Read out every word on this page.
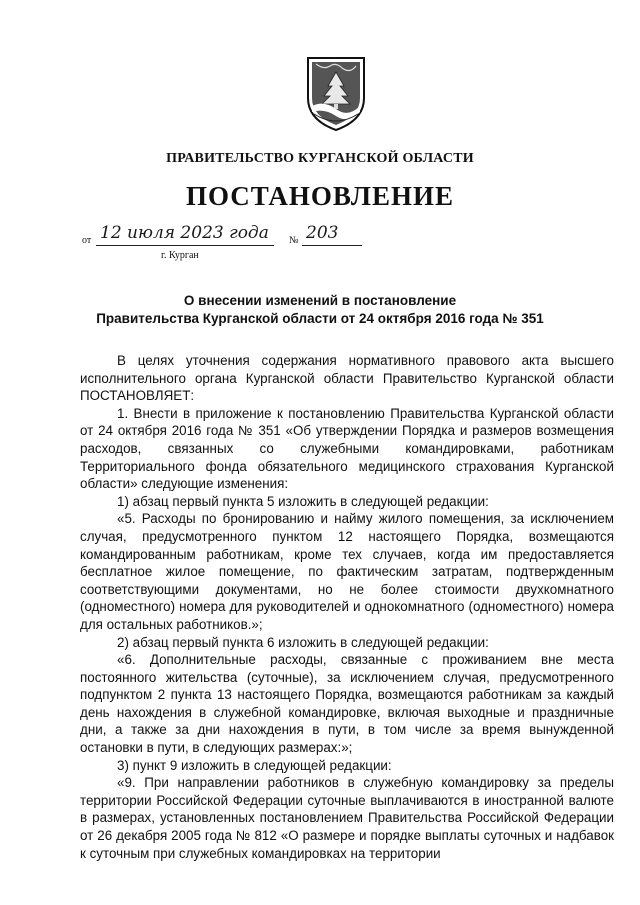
ПРАВИТЕЛЬСТВО КУРГАНСКОЙ ОБЛАСТИ
ПОСТАНОВЛЕНИЕ
от 12 июля 2023 года № 203
г. Курган
О внесении изменений в постановление
Правительства Курганской области от 24 октября 2016 года № 351

В целях уточнения содержания нормативного правового акта высшего исполнительного органа Курганской области Правительство Курганской области ПОСТАНОВЛЯЕТ:

1. Внести в приложение к постановлению Правительства Курганской области от 24 октября 2016 года № 351 «Об утверждении Порядка и размеров возмещения расходов, связанных со служебными командировками, работникам Территориального фонда обязательного медицинского страхования Курганской области» следующие изменения:

1) абзац первый пункта 5 изложить в следующей редакции:

«5. Расходы по бронированию и найму жилого помещения, за исключением случая, предусмотренного пунктом 12 настоящего Порядка, возмещаются командированным работникам, кроме тех случаев, когда им предоставляется бесплатное жилое помещение, по фактическим затратам, подтвержденным соответствующими документами, но не более стоимости двухкомнатного (одноместного) номера для руководителей и однокомнатного (одноместного) номера для остальных работников.»;

2) абзац первый пункта 6 изложить в следующей редакции:

«6. Дополнительные расходы, связанные с проживанием вне места постоянного жительства (суточные), за исключением случая, предусмотренного подпунктом 2 пункта 13 настоящего Порядка, возмещаются работникам за каждый день нахождения в служебной командировке, включая выходные и праздничные дни, а также за дни нахождения в пути, в том числе за время вынужденной остановки в пути, в следующих размерах:»;

3) пункт 9 изложить в следующей редакции:

«9. При направлении работников в служебную командировку за пределы территории Российской Федерации суточные выплачиваются в иностранной валюте в размерах, установленных постановлением Правительства Российской Федерации от 26 декабря 2005 года № 812 «О размере и порядке выплаты суточных и надбавок к суточным при служебных командировках на территории
